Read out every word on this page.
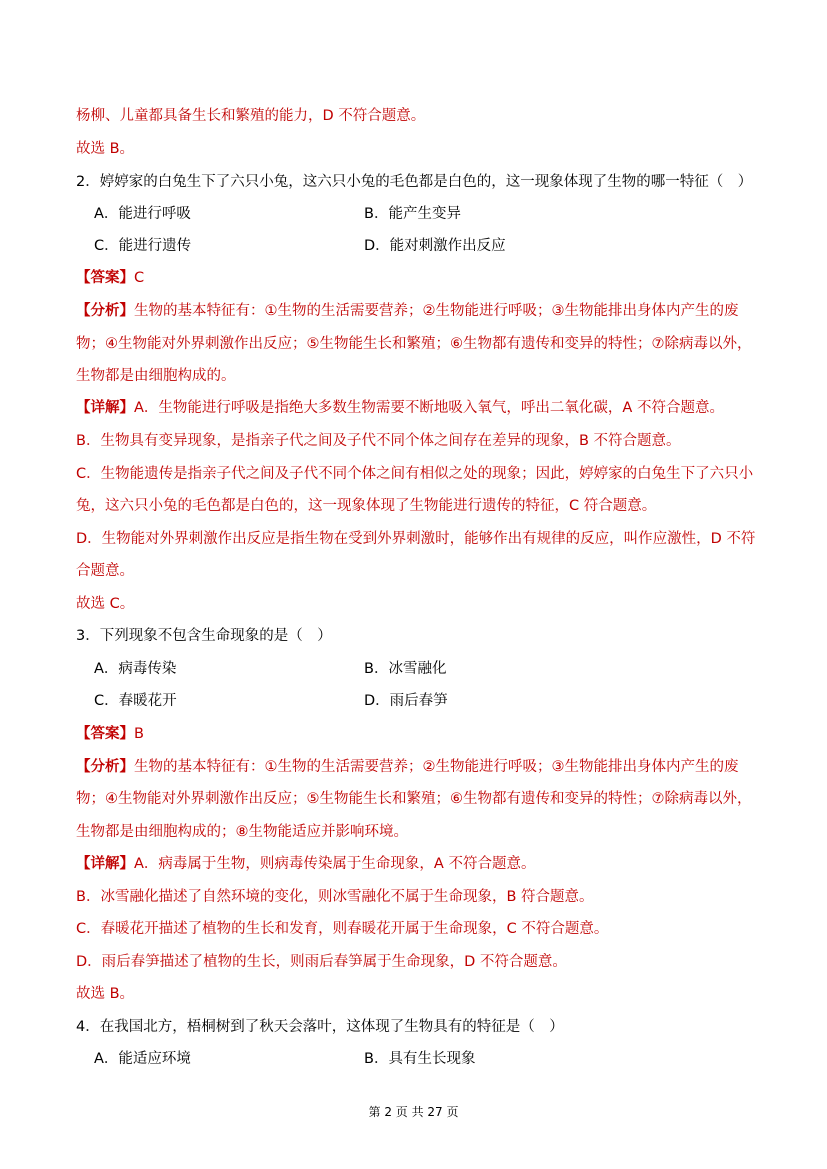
杨柳、儿童都具备生长和繁殖的能力，D 不符合题意。
故选 B。
2．婷婷家的白兔生下了六只小兔，这六只小兔的毛色都是白色的，这一现象体现了生物的哪一特征（　）
A．能进行呼吸	B．能产生变异
C．能进行遗传	D．能对刺激作出反应
【答案】C
【分析】生物的基本特征有：①生物的生活需要营养；②生物能进行呼吸；③生物能排出身体内产生的废
物；④生物能对外界刺激作出反应；⑤生物能生长和繁殖；⑥生物都有遗传和变异的特性；⑦除病毒以外，
生物都是由细胞构成的。
【详解】A．生物能进行呼吸是指绝大多数生物需要不断地吸入氧气，呼出二氧化碳，A 不符合题意。
B．生物具有变异现象，是指亲子代之间及子代不同个体之间存在差异的现象，B 不符合题意。
C．生物能遗传是指亲子代之间及子代不同个体之间有相似之处的现象；因此，婷婷家的白兔生下了六只小
兔，这六只小兔的毛色都是白色的，这一现象体现了生物能进行遗传的特征，C 符合题意。
D．生物能对外界刺激作出反应是指生物在受到外界刺激时，能够作出有规律的反应，叫作应激性，D 不符
合题意。
故选 C。
3．下列现象不包含生命现象的是（　）
A．病毒传染	B．冰雪融化
C．春暖花开	D．雨后春笋
【答案】B
【分析】生物的基本特征有：①生物的生活需要营养；②生物能进行呼吸；③生物能排出身体内产生的废
物；④生物能对外界刺激作出反应；⑤生物能生长和繁殖；⑥生物都有遗传和变异的特性；⑦除病毒以外，
生物都是由细胞构成的；⑧生物能适应并影响环境。
【详解】A．病毒属于生物，则病毒传染属于生命现象，A 不符合题意。
B．冰雪融化描述了自然环境的变化，则冰雪融化不属于生命现象，B 符合题意。
C．春暖花开描述了植物的生长和发育，则春暖花开属于生命现象，C 不符合题意。
D．雨后春笋描述了植物的生长，则雨后春笋属于生命现象，D 不符合题意。
故选 B。
4．在我国北方，梧桐树到了秋天会落叶，这体现了生物具有的特征是（　）
A．能适应环境	B．具有生长现象
第 2 页 共 27 页
